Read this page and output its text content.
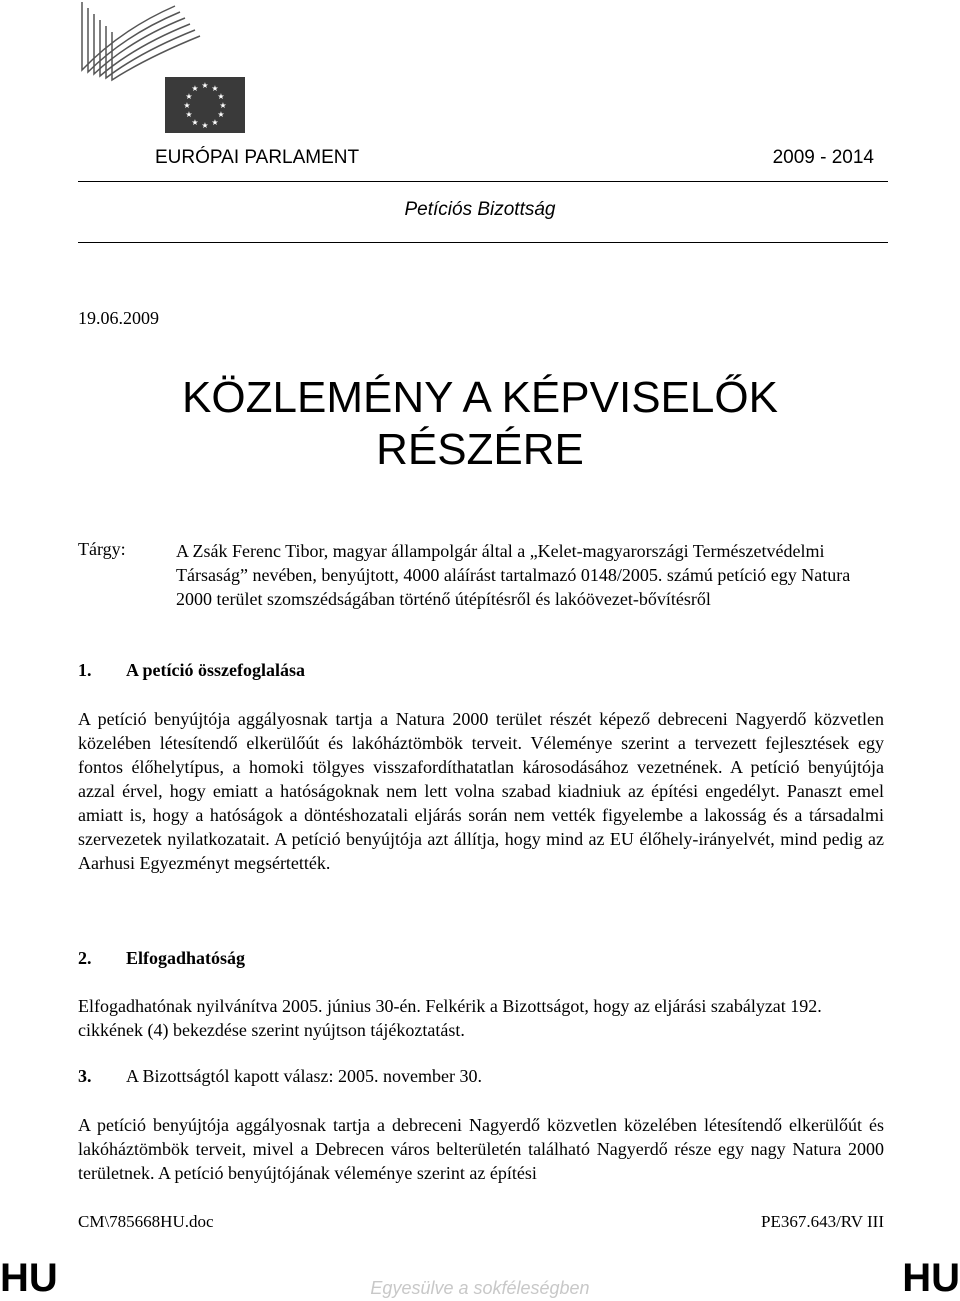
★ ★
★
★
★
★
★
★
★
★
★
★
EURÓPAI PARLAMENT	2009 - 2014
Petíciós Bizottság
19.06.2009
KÖZLEMÉNY A KÉPVISELŐK
RÉSZÉRE
Tárgy:	A Zsák Ferenc Tibor, magyar állampolgár által a „Kelet-magyarországi Természetvédelmi Társaság” nevében, benyújtott, 4000 aláírást tartalmazó 0148/2005. számú petíció egy Natura 2000 terület szomszédságában történő útépítésről és lakóövezet-bővítésről
1. A petíció összefoglalása
A petíció benyújtója aggályosnak tartja a Natura 2000 terület részét képező debreceni Nagyerdő közvetlen közelében létesítendő elkerülőút és lakóháztömbök terveit. Véleménye szerint a tervezett fejlesztések egy fontos élőhelytípus, a homoki tölgyes visszafordíthatatlan károsodásához vezetnének. A petíció benyújtója azzal érvel, hogy emiatt a hatóságoknak nem lett volna szabad kiadniuk az építési engedélyt. Panaszt emel amiatt is, hogy a hatóságok a döntéshozatali eljárás során nem vették figyelembe a lakosság és a társadalmi szervezetek nyilatkozatait. A petíció benyújtója azt állítja, hogy mind az EU élőhely-irányelvét, mind pedig az Aarhusi Egyezményt megsértették.
2. Elfogadhatóság
Elfogadhatónak nyilvánítva 2005. június 30-én. Felkérik a Bizottságot, hogy az eljárási szabályzat 192. cikkének (4) bekezdése szerint nyújtson tájékoztatást.
3. A Bizottságtól kapott válasz: 2005. november 30.
A petíció benyújtója aggályosnak tartja a debreceni Nagyerdő közvetlen közelében létesítendő elkerülőút és lakóháztömbök terveit, mivel a Debrecen város belterületén található Nagyerdő része egy nagy Natura 2000 területnek. A petíció benyújtójának véleménye szerint az építési
CM\785668HU.doc	PE367.643/RV III
HU	HU
Egyesülve a sokféleségben
